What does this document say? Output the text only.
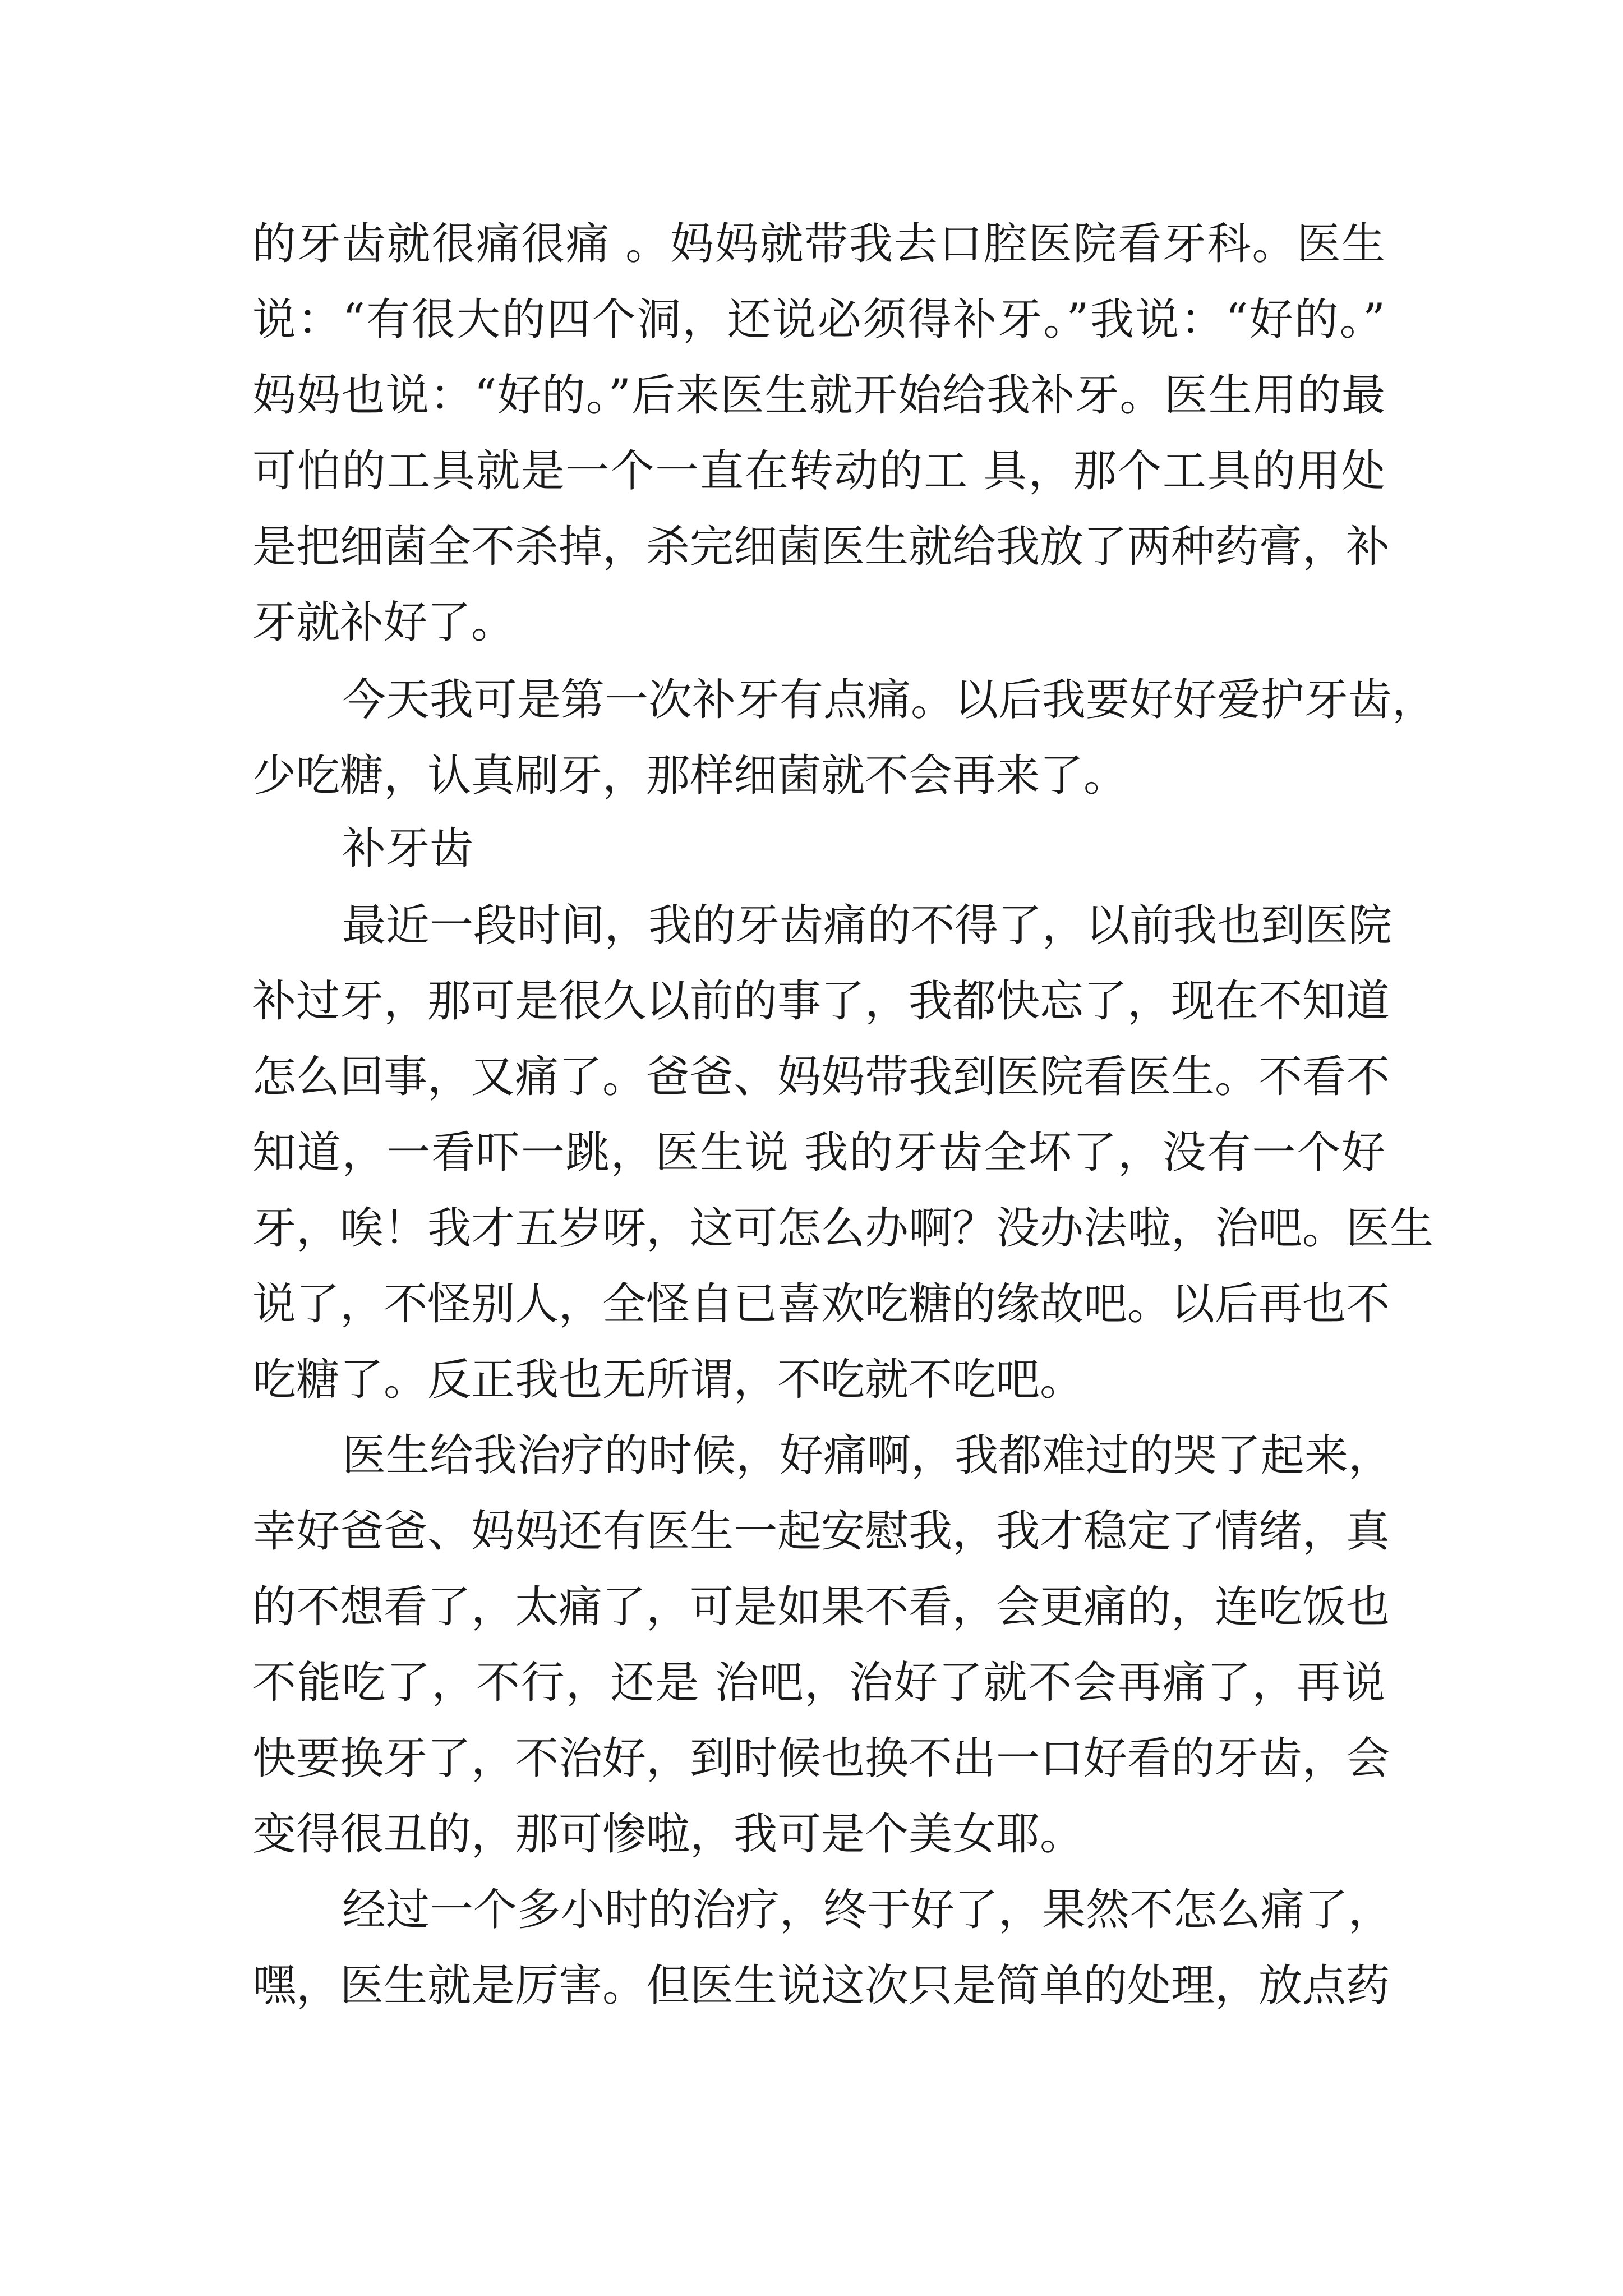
的牙齿就很痛很痛 。妈妈就带我去口腔医院看牙科。医生
说：“有很大的四个洞，还说必须得补牙。”我说：“好的。”
妈妈也说：“好的。”后来医生就开始给我补牙。医生用的最
可怕的工具就是一个一直在转动的工 具，那个工具的用处
是把细菌全不杀掉，杀完细菌医生就给我放了两种药膏，补
牙就补好了。
今天我可是第一次补牙有点痛。以后我要好好爱护牙齿，
少吃糖，认真刷牙，那样细菌就不会再来了。
补牙齿
最近一段时间，我的牙齿痛的不得了，以前我也到医院
补过牙，那可是很久以前的事了，我都快忘了，现在不知道
怎么回事，又痛了。爸爸、妈妈带我到医院看医生。不看不
知道，一看吓一跳，医生说 我的牙齿全坏了，没有一个好
牙，唉！我才五岁呀，这可怎么办啊？没办法啦，治吧。医生
说了，不怪别人，全怪自已喜欢吃糖的缘故吧。以后再也不
吃糖了。反正我也无所谓，不吃就不吃吧。
医生给我治疗的时候，好痛啊，我都难过的哭了起来，
幸好爸爸、妈妈还有医生一起安慰我，我才稳定了情绪，真
的不想看了，太痛了，可是如果不看，会更痛的，连吃饭也
不能吃了，不行，还是 治吧，治好了就不会再痛了，再说
快要换牙了，不治好，到时候也换不出一口好看的牙齿，会
变得很丑的，那可惨啦，我可是个美女耶。
经过一个多小时的治疗，终于好了，果然不怎么痛了，
嘿，医生就是厉害。但医生说这次只是简单的处理，放点药
